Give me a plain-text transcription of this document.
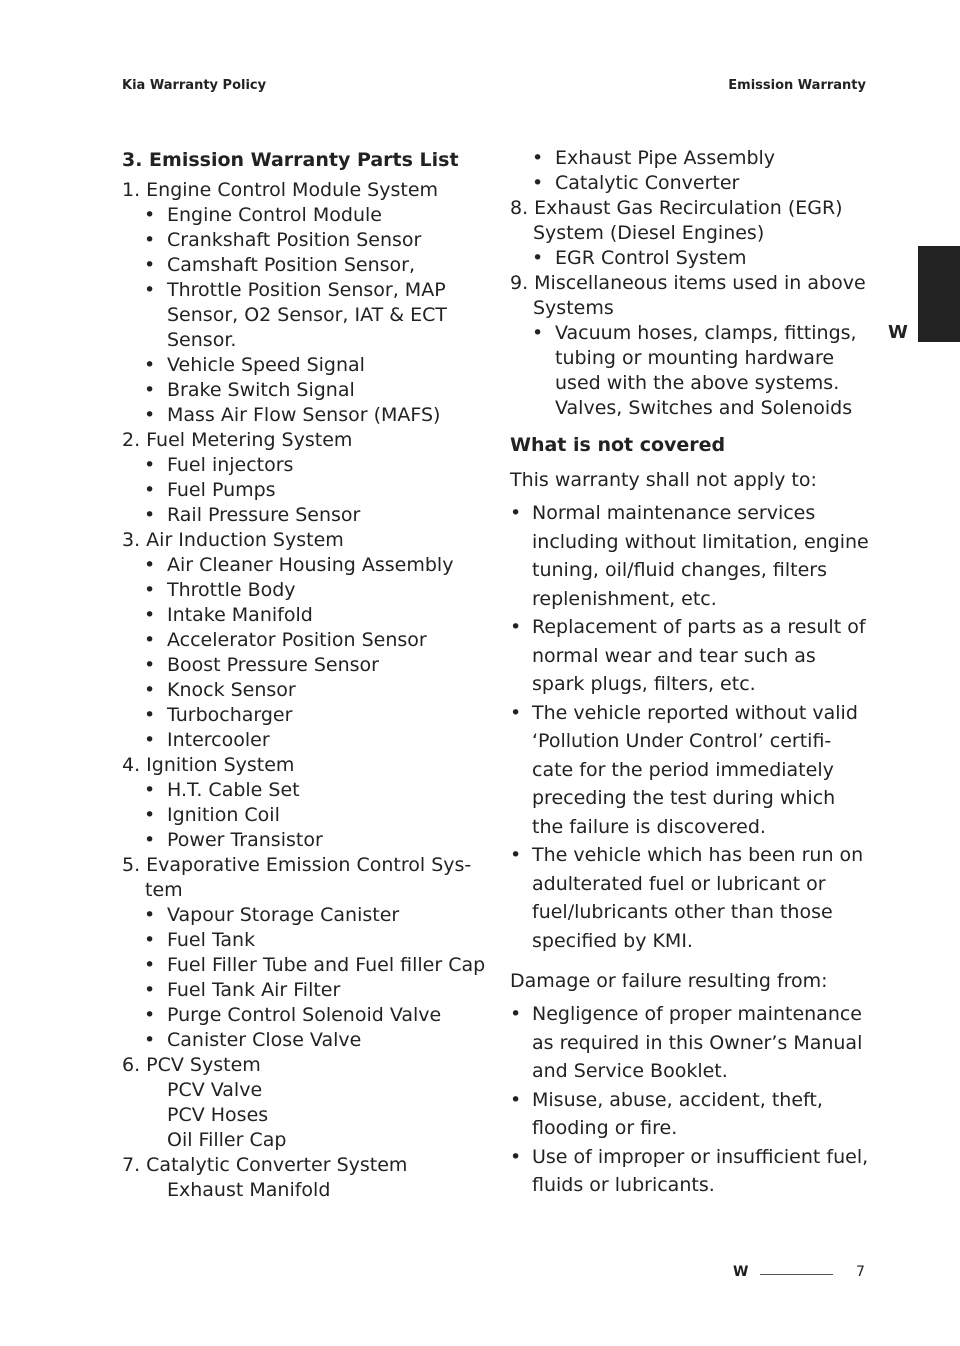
Kia Warranty Policy	Emission Warranty
W
3. Emission Warranty Parts List
1. Engine Control Module System
• Engine Control Module
• Crankshaft Position Sensor
• Camshaft Position Sensor,
• Throttle Position Sensor, MAP Sensor, O2 Sensor, IAT & ECT Sensor.
• Vehicle Speed Signal
• Brake Switch Signal
• Mass Air Flow Sensor (MAFS)
2. Fuel Metering System
• Fuel injectors
• Fuel Pumps
• Rail Pressure Sensor
3. Air Induction System
• Air Cleaner Housing Assembly
• Throttle Body
• Intake Manifold
• Accelerator Position Sensor
• Boost Pressure Sensor
• Knock Sensor
• Turbocharger
• Intercooler
4. Ignition System
• H.T. Cable Set
• Ignition Coil
• Power Transistor
5. Evaporative Emission Control Sys-tem
• Vapour Storage Canister
• Fuel Tank
• Fuel Filler Tube and Fuel filler Cap
• Fuel Tank Air Filter
• Purge Control Solenoid Valve
• Canister Close Valve
6. PCV System
PCV Valve
PCV Hoses
Oil Filler Cap
7. Catalytic Converter System
Exhaust Manifold
• Exhaust Pipe Assembly
• Catalytic Converter
8. Exhaust Gas Recirculation (EGR) System (Diesel Engines)
• EGR Control System
9. Miscellaneous items used in above Systems
• Vacuum hoses, clamps, fittings, tubing or mounting hardware used with the above systems. Valves, Switches and Solenoids
What is not covered
This warranty shall not apply to:
• Normal maintenance services including without limitation, engine tuning, oil/fluid changes, filters replenishment, etc.
• Replacement of parts as a result of normal wear and tear such as spark plugs, filters, etc.
• The vehicle reported without valid ‘Pollution Under Control’ certifi-cate for the period immediately preceding the test during which the failure is discovered.
• The vehicle which has been run on adulterated fuel or lubricant or fuel/lubricants other than those specified by KMI.
Damage or failure resulting from:
• Negligence of proper maintenance as required in this Owner’s Manual and Service Booklet.
• Misuse, abuse, accident, theft, flooding or fire.
• Use of improper or insufficient fuel, fluids or lubricants.
W	7
